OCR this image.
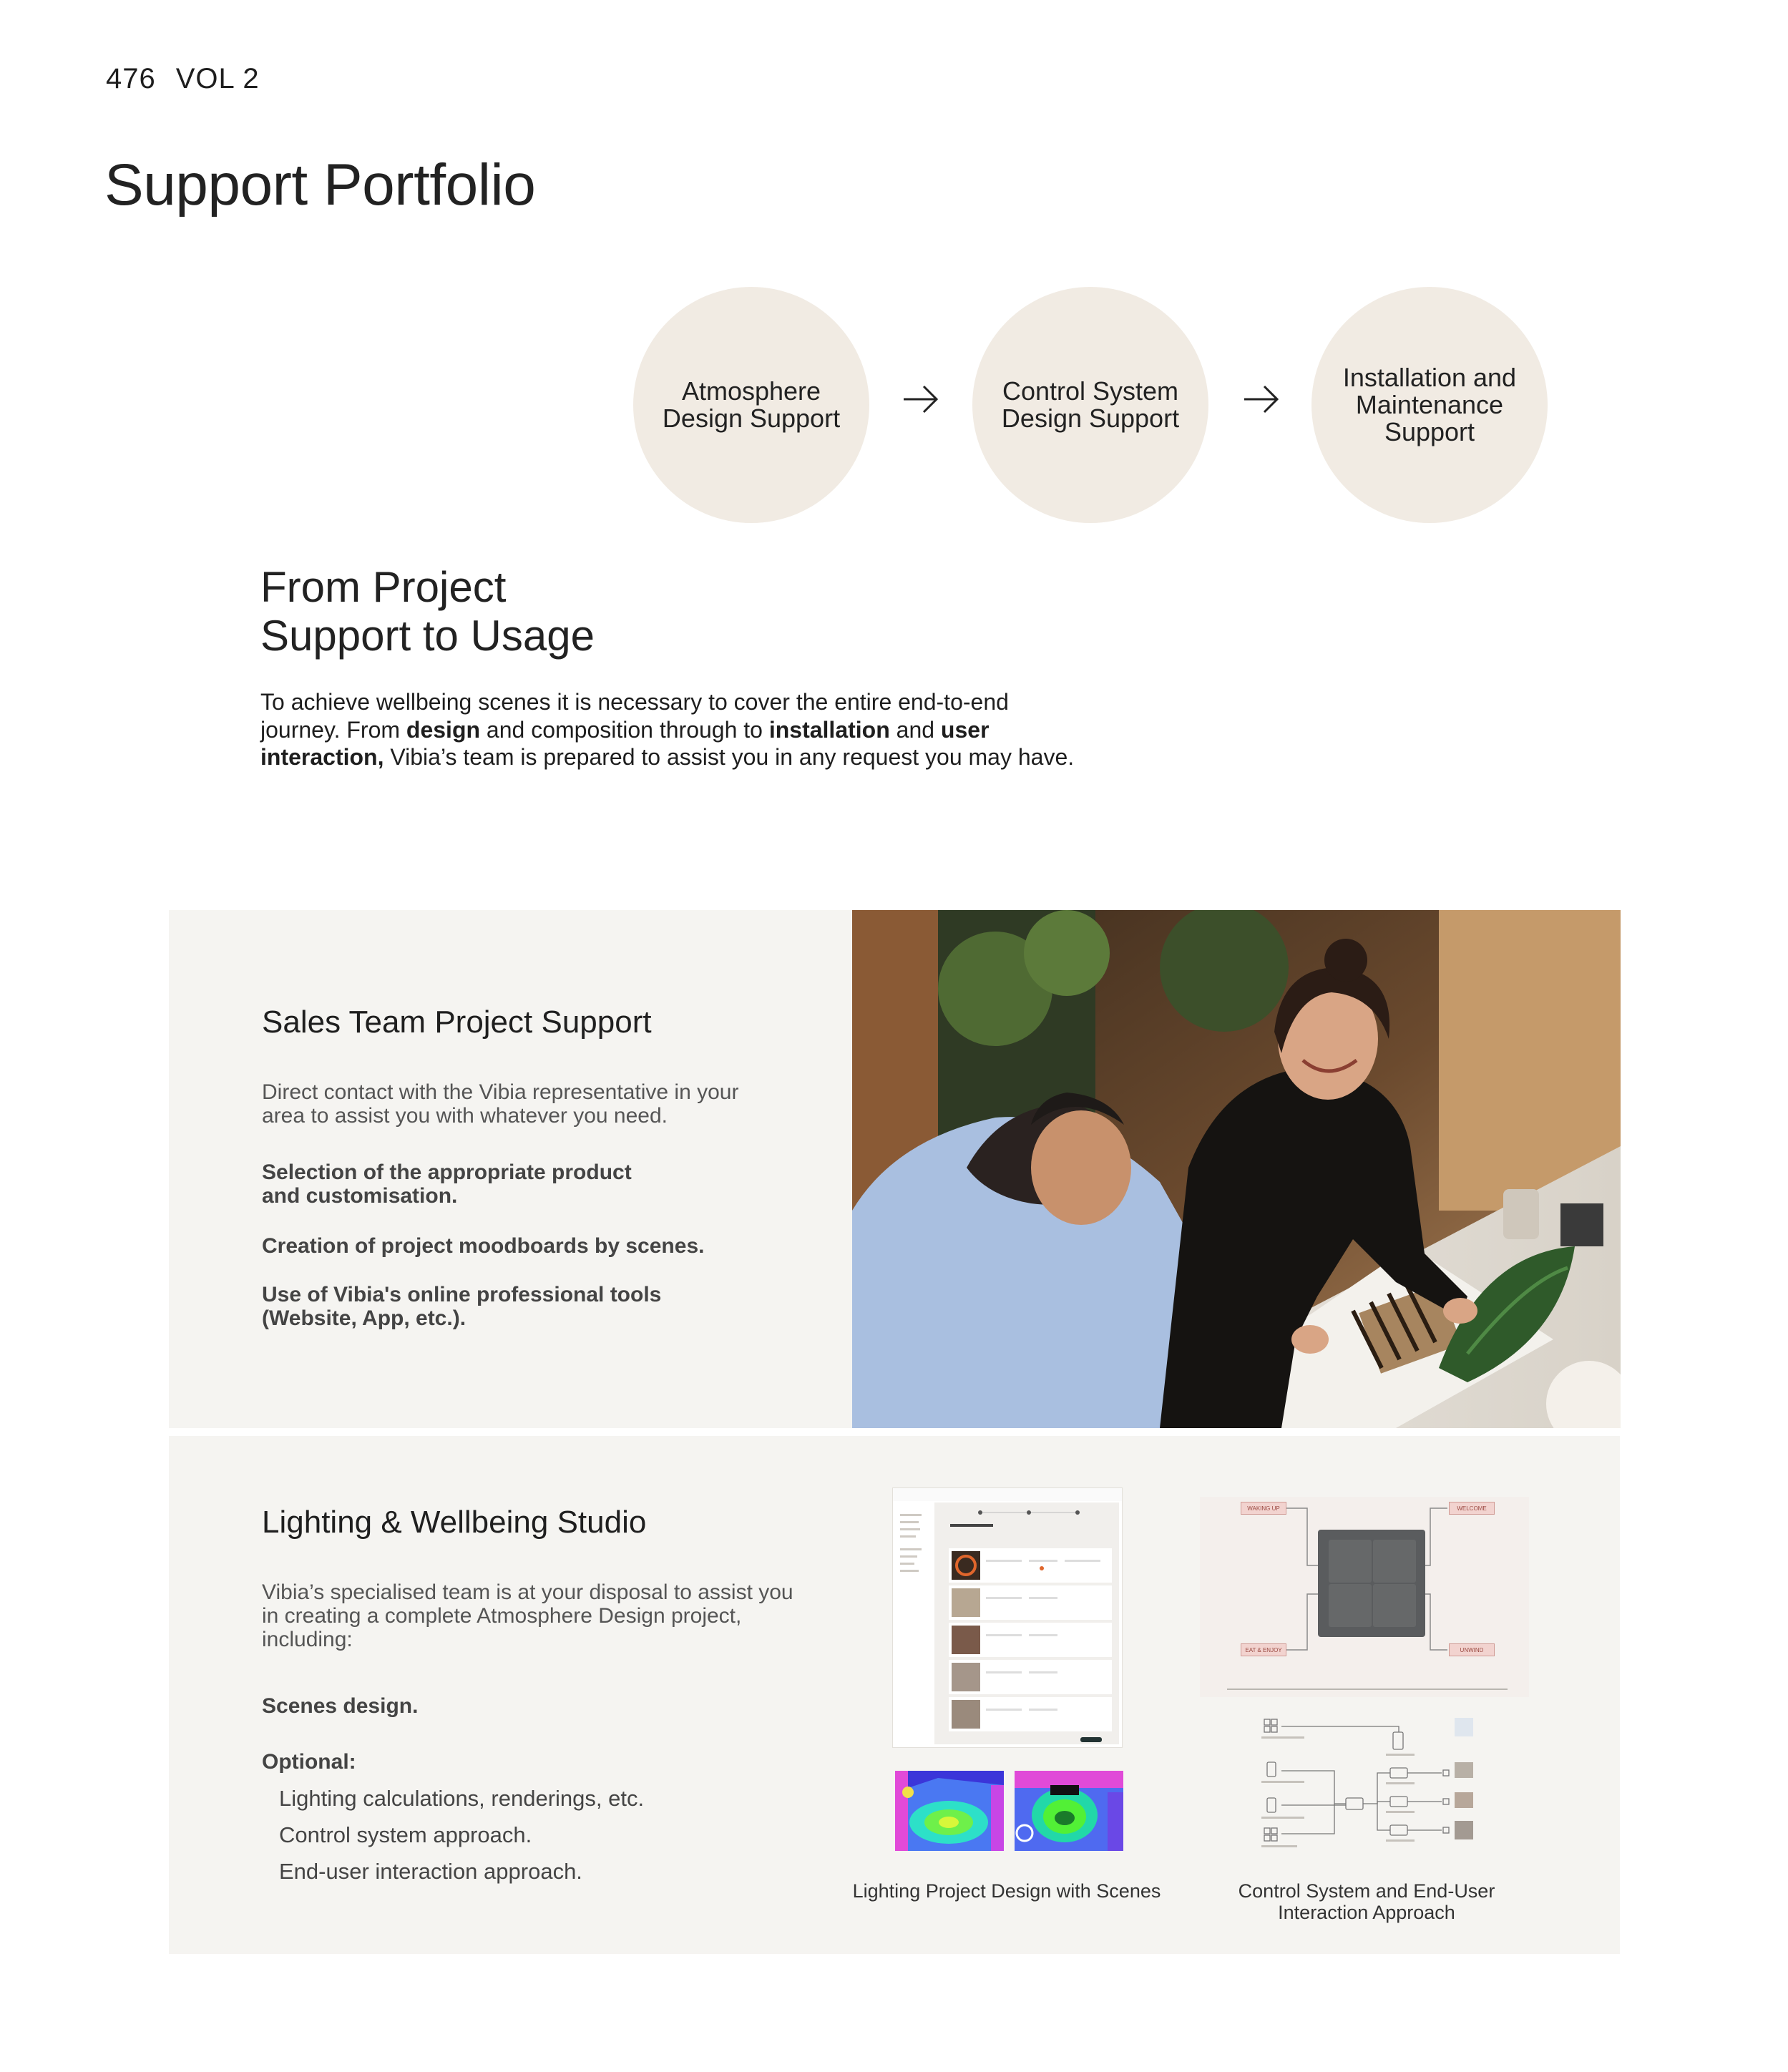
476 VOL 2
Support Portfolio
Atmosphere
Design Support
Control System
Design Support
Installation and
Maintenance
Support
From Project
Support to Usage

To achieve wellbeing scenes it is necessary to cover the entire end-to-end journey. From design and composition through to installation and user interaction, Vibia’s team is prepared to assist you in any request you may have.

Sales Team Project Support

Direct contact with the Vibia representative in your area to assist you with whatever you need.

Selection of the appropriate product and customisation.

Creation of project moodboards by scenes.

Use of Vibia's online professional tools (Website, App, etc.).

Lighting & Wellbeing Studio

Vibia’s specialised team is at your disposal to assist you in creating a complete Atmosphere Design project, including:

Scenes design.

Optional:

Lighting calculations, renderings, etc.

Control system approach.

End-user interaction approach.

Lighting Project Design with Scenes

WAKING UP	WELCOME
EAT & ENJOY	UNWIND

Control System and End-User Interaction Approach
